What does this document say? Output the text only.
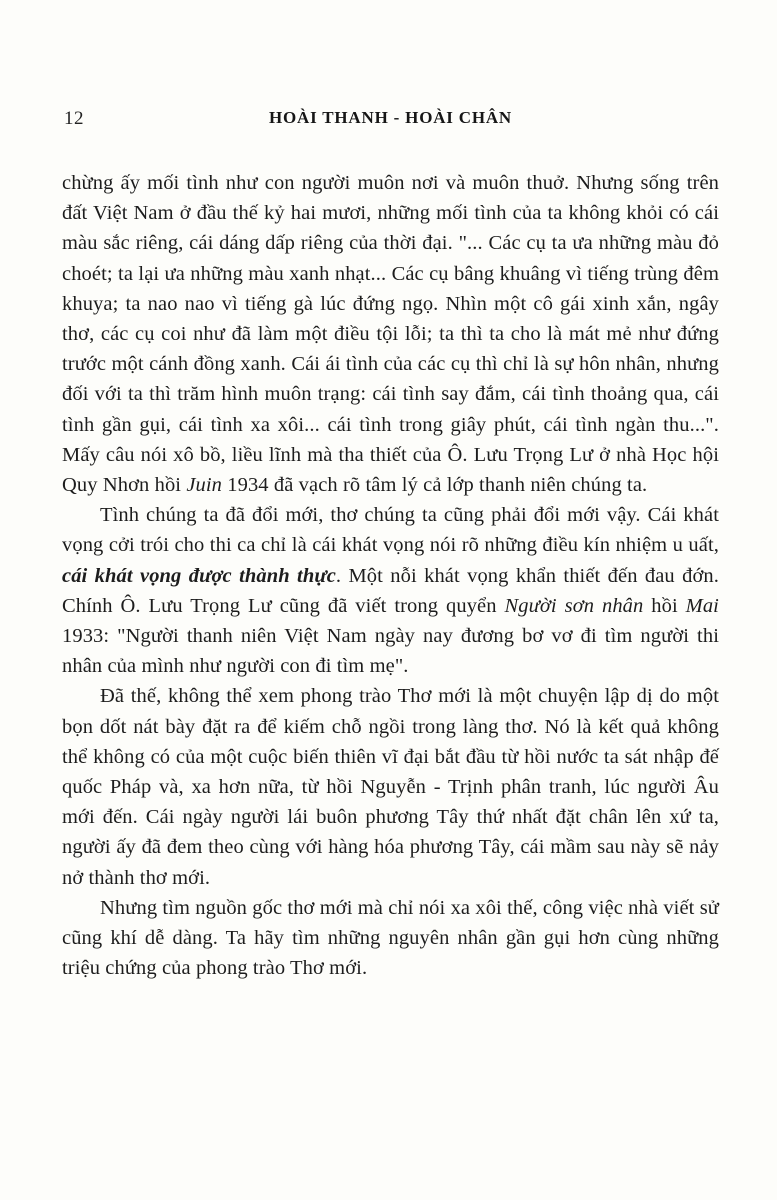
12	HOÀI THANH - HOÀI CHÂN

chừng ấy mối tình như con người muôn nơi và muôn thuở. Nhưng sống trên đất Việt Nam ở đầu thế kỷ hai mươi, những mối tình của ta không khỏi có cái màu sắc riêng, cái dáng dấp riêng của thời đại. "... Các cụ ta ưa những màu đỏ choét; ta lại ưa những màu xanh nhạt... Các cụ bâng khuâng vì tiếng trùng đêm khuya; ta nao nao vì tiếng gà lúc đứng ngọ. Nhìn một cô gái xinh xắn, ngây thơ, các cụ coi như đã làm một điều tội lỗi; ta thì ta cho là mát mẻ như đứng trước một cánh đồng xanh. Cái ái tình của các cụ thì chỉ là sự hôn nhân, nhưng đối với ta thì trăm hình muôn trạng: cái tình say đắm, cái tình thoảng qua, cái tình gần gụi, cái tình xa xôi... cái tình trong giây phút, cái tình ngàn thu...". Mấy câu nói xô bồ, liều lĩnh mà tha thiết của Ô. Lưu Trọng Lư ở nhà Học hội Quy Nhơn hồi Juin 1934 đã vạch rõ tâm lý cả lớp thanh niên chúng ta.

Tình chúng ta đã đổi mới, thơ chúng ta cũng phải đổi mới vậy. Cái khát vọng cởi trói cho thi ca chỉ là cái khát vọng nói rõ những điều kín nhiệm u uất, cái khát vọng được thành thực. Một nỗi khát vọng khẩn thiết đến đau đớn. Chính Ô. Lưu Trọng Lư cũng đã viết trong quyển Người sơn nhân hồi Mai 1933: "Người thanh niên Việt Nam ngày nay đương bơ vơ đi tìm người thi nhân của mình như người con đi tìm mẹ".

Đã thế, không thể xem phong trào Thơ mới là một chuyện lập dị do một bọn dốt nát bày đặt ra để kiếm chỗ ngồi trong làng thơ. Nó là kết quả không thể không có của một cuộc biến thiên vĩ đại bắt đầu từ hồi nước ta sát nhập đế quốc Pháp và, xa hơn nữa, từ hồi Nguyễn - Trịnh phân tranh, lúc người Âu mới đến. Cái ngày người lái buôn phương Tây thứ nhất đặt chân lên xứ ta, người ấy đã đem theo cùng với hàng hóa phương Tây, cái mầm sau này sẽ nảy nở thành thơ mới.

Nhưng tìm nguồn gốc thơ mới mà chỉ nói xa xôi thế, công việc nhà viết sử cũng khí dễ dàng. Ta hãy tìm những nguyên nhân gần gụi hơn cùng những triệu chứng của phong trào Thơ mới.
